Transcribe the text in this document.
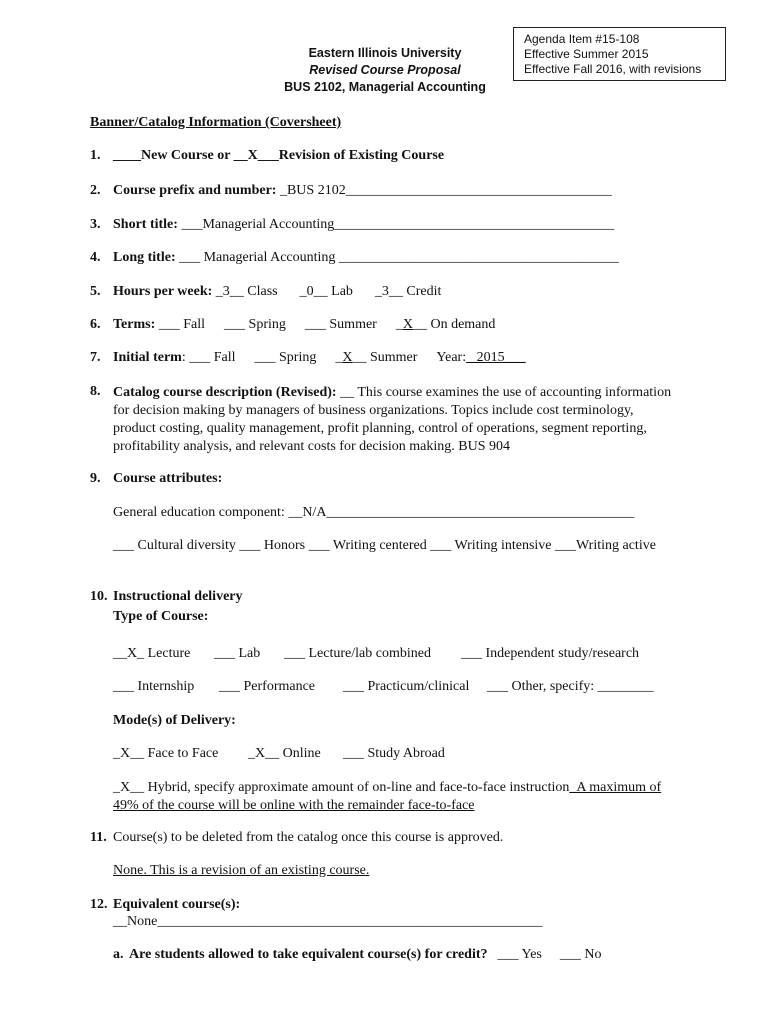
Agenda Item #15-108
Effective Summer 2015
Effective Fall 2016, with revisions
Eastern Illinois University
Revised Course Proposal
BUS 2102, Managerial Accounting
Banner/Catalog Information (Coversheet)
1. ____New Course or __X___Revision of Existing Course
2. Course prefix and number: _BUS 2102______________________________________
3. Short title: ___Managerial Accounting________________________________________
4. Long title: ___ Managerial Accounting ________________________________________
5. Hours per week: _3__ Class _0__ Lab _3__ Credit
6. Terms: ___ Fall ___ Spring ___ Summer _X__ On demand
7. Initial term: ___ Fall ___ Spring _X__ Summer Year: _2015___
8. Catalog course description (Revised): __ This course examines the use of accounting information for decision making by managers of business organizations. Topics include cost terminology, product costing, quality management, profit planning, control of operations, segment reporting, profitability analysis, and relevant costs for decision making. BUS 904
9. Course attributes:
General education component: __N/A____________________________________________
___ Cultural diversity ___ Honors ___ Writing centered ___ Writing intensive ___Writing active
10. Instructional delivery
Type of Course:
__X_ Lecture ___ Lab ___ Lecture/lab combined ___ Independent study/research
___ Internship ___ Performance ___ Practicum/clinical ___ Other, specify: ________
Mode(s) of Delivery:
_X__ Face to Face _X__ Online ___ Study Abroad
_X__ Hybrid, specify approximate amount of on-line and face-to-face instruction_A maximum of 49% of the course will be online with the remainder face-to-face
11. Course(s) to be deleted from the catalog once this course is approved.
None. This is a revision of an existing course.
12. Equivalent course(s):
__None_______________________________________________________
a. Are students allowed to take equivalent course(s) for credit? ___ Yes ___ No
